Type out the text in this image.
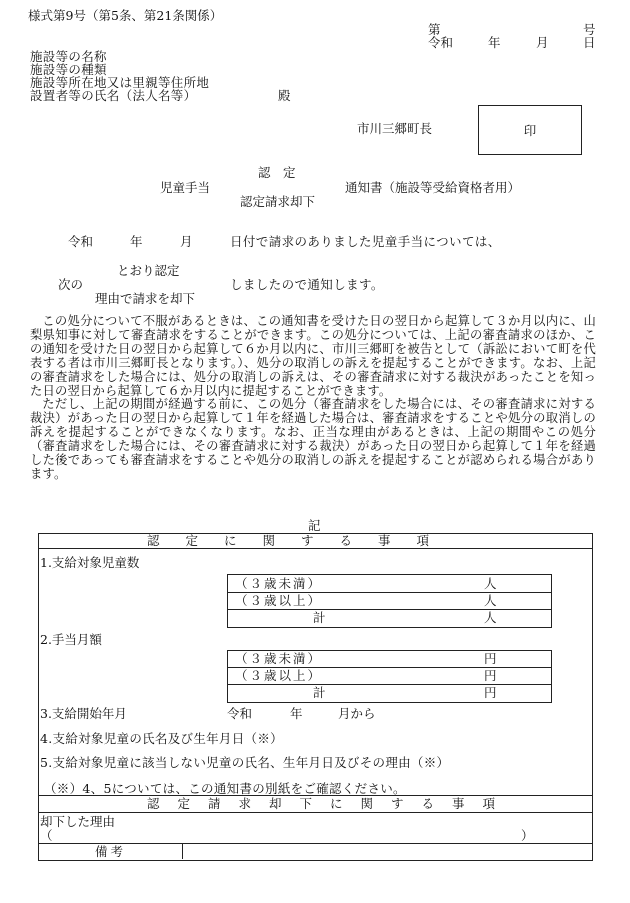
様式第9号（第5条、第21条関係）
第	号
令和	年	月	日
施設等の名称
施設等の種類
施設等所在地又は里親等住所地
設置者等の氏名（法人名等）	殿
市川三郷町長	印
認　定
児童手当	通知書（施設等受給資格者用）
認定請求却下
令和	年	月	日付で請求のありました児童手当については、
とおり認定
次の	しましたので通知します。
理由で請求を却下

この処分について不服があるときは、この通知書を受けた日の翌日から起算して３か月以内に、山梨県知事に対して審査請求をすることができます。この処分については、上記の審査請求のほか、この通知を受けた日の翌日から起算して６か月以内に、市川三郷町を被告として（訴訟において町を代表する者は市川三郷町長となります。）、処分の取消しの訴えを提起することができます。なお、上記の審査請求をした場合には、処分の取消しの訴えは、その審査請求に対する裁決があったことを知った日の翌日から起算して６か月以内に提起することができます。

ただし、上記の期間が経過する前に、この処分（審査請求をした場合には、その審査請求に対する裁決）があった日の翌日から起算して１年を経過した場合は、審査請求をすることや処分の取消しの訴えを提起することができなくなります。なお、正当な理由があるときは、上記の期間やこの処分（審査請求をした場合には、その審査請求に対する裁決）があった日の翌日から起算して１年を経過した後であっても審査請求をすることや処分の取消しの訴えを提起することが認められる場合があります。

記
認定に関する事項
1.支給対象児童数
（３歳未満）	人
（３歳以上）	人
計	人
2.手当月額
（３歳未満）	円
（３歳以上）	円
計	円
3.支給開始年月	令和	年	月から
4.支給対象児童の氏名及び生年月日（※）
5.支給対象児童に該当しない児童の氏名、生年月日及びその理由（※）
（※）4、5については、この通知書の別紙をご確認ください。
認定請求却下に関する事項
却下した理由
（	）
備考
